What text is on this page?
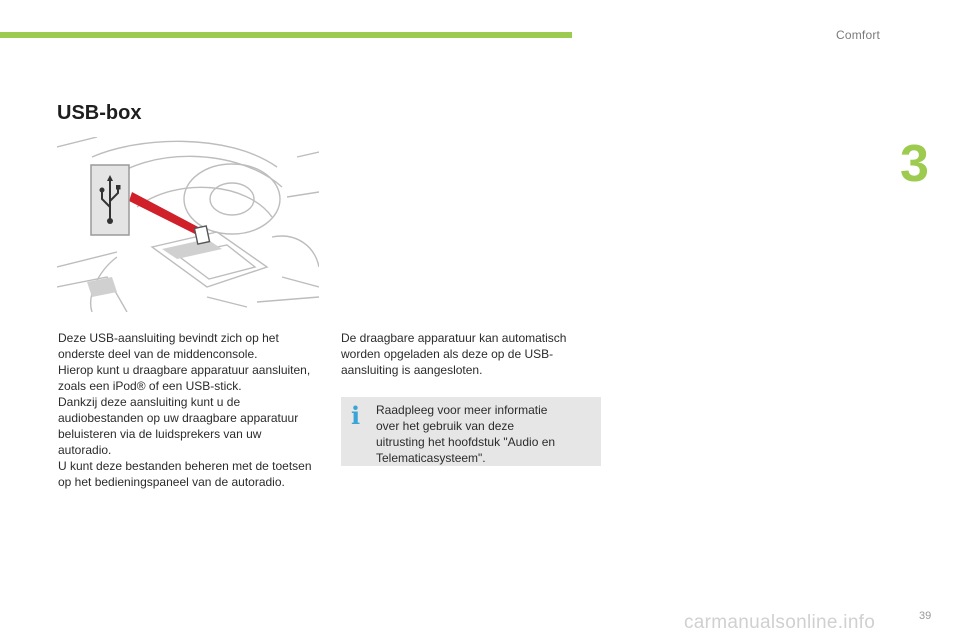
Comfort
3
USB-box

Deze USB-aansluiting bevindt zich op het

onderste deel van de middenconsole.

Hierop kunt u draagbare apparatuur aansluiten,

zoals een iPod® of een USB-stick.

Dankzij deze aansluiting kunt u de

audiobestanden op uw draagbare apparatuur

beluisteren via de luidsprekers van uw

autoradio.

U kunt deze bestanden beheren met de toetsen

op het bedieningspaneel van de autoradio.

De draagbare apparatuur kan automatisch

worden opgeladen als deze op de USB-

aansluiting is aangesloten.

i Raadpleeg voor meer informatie

over het gebruik van deze

uitrusting het hoofdstuk "Audio en

Telematicasysteem".

carmanualsonline.info	39
